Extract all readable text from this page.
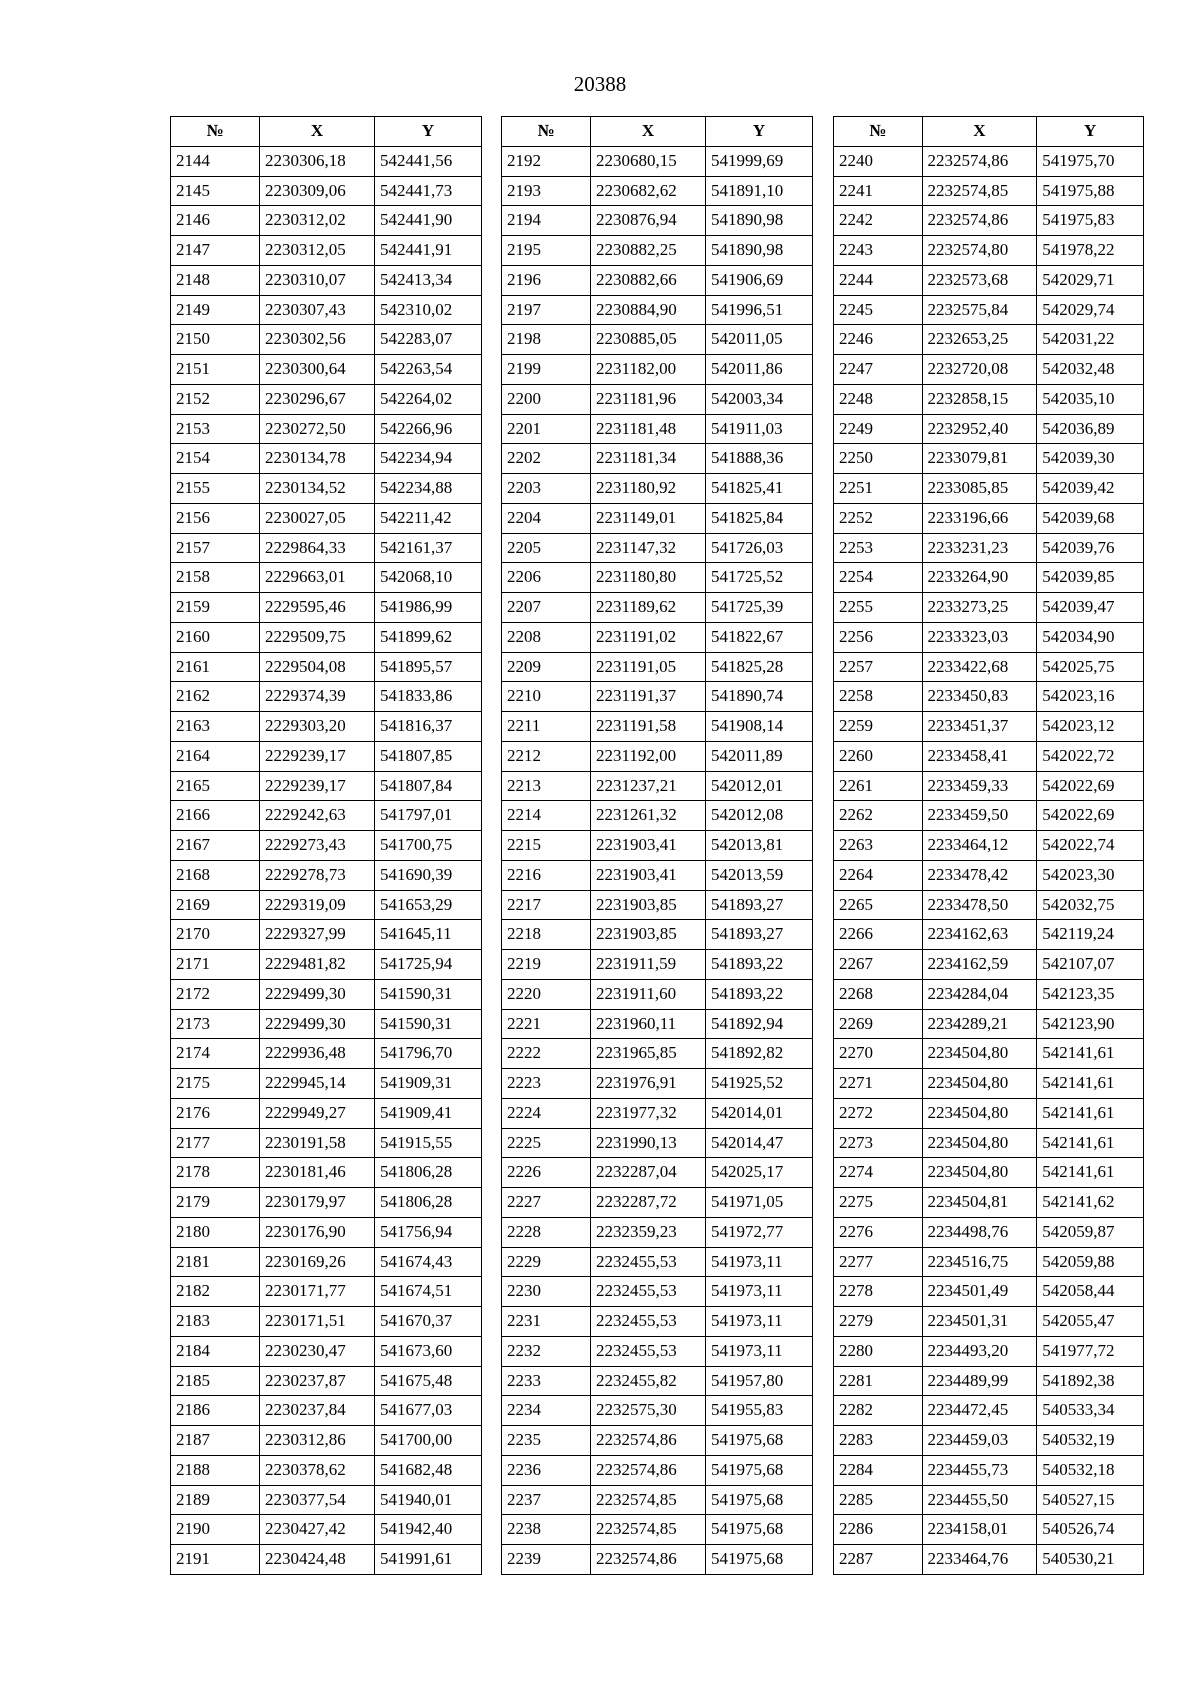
20388
№	X	Y
2144	2230306,18	542441,56
2145	2230309,06	542441,73
2146	2230312,02	542441,90
2147	2230312,05	542441,91
2148	2230310,07	542413,34
2149	2230307,43	542310,02
2150	2230302,56	542283,07
2151	2230300,64	542263,54
2152	2230296,67	542264,02
2153	2230272,50	542266,96
2154	2230134,78	542234,94
2155	2230134,52	542234,88
2156	2230027,05	542211,42
2157	2229864,33	542161,37
2158	2229663,01	542068,10
2159	2229595,46	541986,99
2160	2229509,75	541899,62
2161	2229504,08	541895,57
2162	2229374,39	541833,86
2163	2229303,20	541816,37
2164	2229239,17	541807,85
2165	2229239,17	541807,84
2166	2229242,63	541797,01
2167	2229273,43	541700,75
2168	2229278,73	541690,39
2169	2229319,09	541653,29
2170	2229327,99	541645,11
2171	2229481,82	541725,94
2172	2229499,30	541590,31
2173	2229499,30	541590,31
2174	2229936,48	541796,70
2175	2229945,14	541909,31
2176	2229949,27	541909,41
2177	2230191,58	541915,55
2178	2230181,46	541806,28
2179	2230179,97	541806,28
2180	2230176,90	541756,94
2181	2230169,26	541674,43
2182	2230171,77	541674,51
2183	2230171,51	541670,37
2184	2230230,47	541673,60
2185	2230237,87	541675,48
2186	2230237,84	541677,03
2187	2230312,86	541700,00
2188	2230378,62	541682,48
2189	2230377,54	541940,01
2190	2230427,42	541942,40
2191	2230424,48	541991,61
№	X	Y
2192	2230680,15	541999,69
2193	2230682,62	541891,10
2194	2230876,94	541890,98
2195	2230882,25	541890,98
2196	2230882,66	541906,69
2197	2230884,90	541996,51
2198	2230885,05	542011,05
2199	2231182,00	542011,86
2200	2231181,96	542003,34
2201	2231181,48	541911,03
2202	2231181,34	541888,36
2203	2231180,92	541825,41
2204	2231149,01	541825,84
2205	2231147,32	541726,03
2206	2231180,80	541725,52
2207	2231189,62	541725,39
2208	2231191,02	541822,67
2209	2231191,05	541825,28
2210	2231191,37	541890,74
2211	2231191,58	541908,14
2212	2231192,00	542011,89
2213	2231237,21	542012,01
2214	2231261,32	542012,08
2215	2231903,41	542013,81
2216	2231903,41	542013,59
2217	2231903,85	541893,27
2218	2231903,85	541893,27
2219	2231911,59	541893,22
2220	2231911,60	541893,22
2221	2231960,11	541892,94
2222	2231965,85	541892,82
2223	2231976,91	541925,52
2224	2231977,32	542014,01
2225	2231990,13	542014,47
2226	2232287,04	542025,17
2227	2232287,72	541971,05
2228	2232359,23	541972,77
2229	2232455,53	541973,11
2230	2232455,53	541973,11
2231	2232455,53	541973,11
2232	2232455,53	541973,11
2233	2232455,82	541957,80
2234	2232575,30	541955,83
2235	2232574,86	541975,68
2236	2232574,86	541975,68
2237	2232574,85	541975,68
2238	2232574,85	541975,68
2239	2232574,86	541975,68
№	X	Y
2240	2232574,86	541975,70
2241	2232574,85	541975,88
2242	2232574,86	541975,83
2243	2232574,80	541978,22
2244	2232573,68	542029,71
2245	2232575,84	542029,74
2246	2232653,25	542031,22
2247	2232720,08	542032,48
2248	2232858,15	542035,10
2249	2232952,40	542036,89
2250	2233079,81	542039,30
2251	2233085,85	542039,42
2252	2233196,66	542039,68
2253	2233231,23	542039,76
2254	2233264,90	542039,85
2255	2233273,25	542039,47
2256	2233323,03	542034,90
2257	2233422,68	542025,75
2258	2233450,83	542023,16
2259	2233451,37	542023,12
2260	2233458,41	542022,72
2261	2233459,33	542022,69
2262	2233459,50	542022,69
2263	2233464,12	542022,74
2264	2233478,42	542023,30
2265	2233478,50	542032,75
2266	2234162,63	542119,24
2267	2234162,59	542107,07
2268	2234284,04	542123,35
2269	2234289,21	542123,90
2270	2234504,80	542141,61
2271	2234504,80	542141,61
2272	2234504,80	542141,61
2273	2234504,80	542141,61
2274	2234504,80	542141,61
2275	2234504,81	542141,62
2276	2234498,76	542059,87
2277	2234516,75	542059,88
2278	2234501,49	542058,44
2279	2234501,31	542055,47
2280	2234493,20	541977,72
2281	2234489,99	541892,38
2282	2234472,45	540533,34
2283	2234459,03	540532,19
2284	2234455,73	540532,18
2285	2234455,50	540527,15
2286	2234158,01	540526,74
2287	2233464,76	540530,21
